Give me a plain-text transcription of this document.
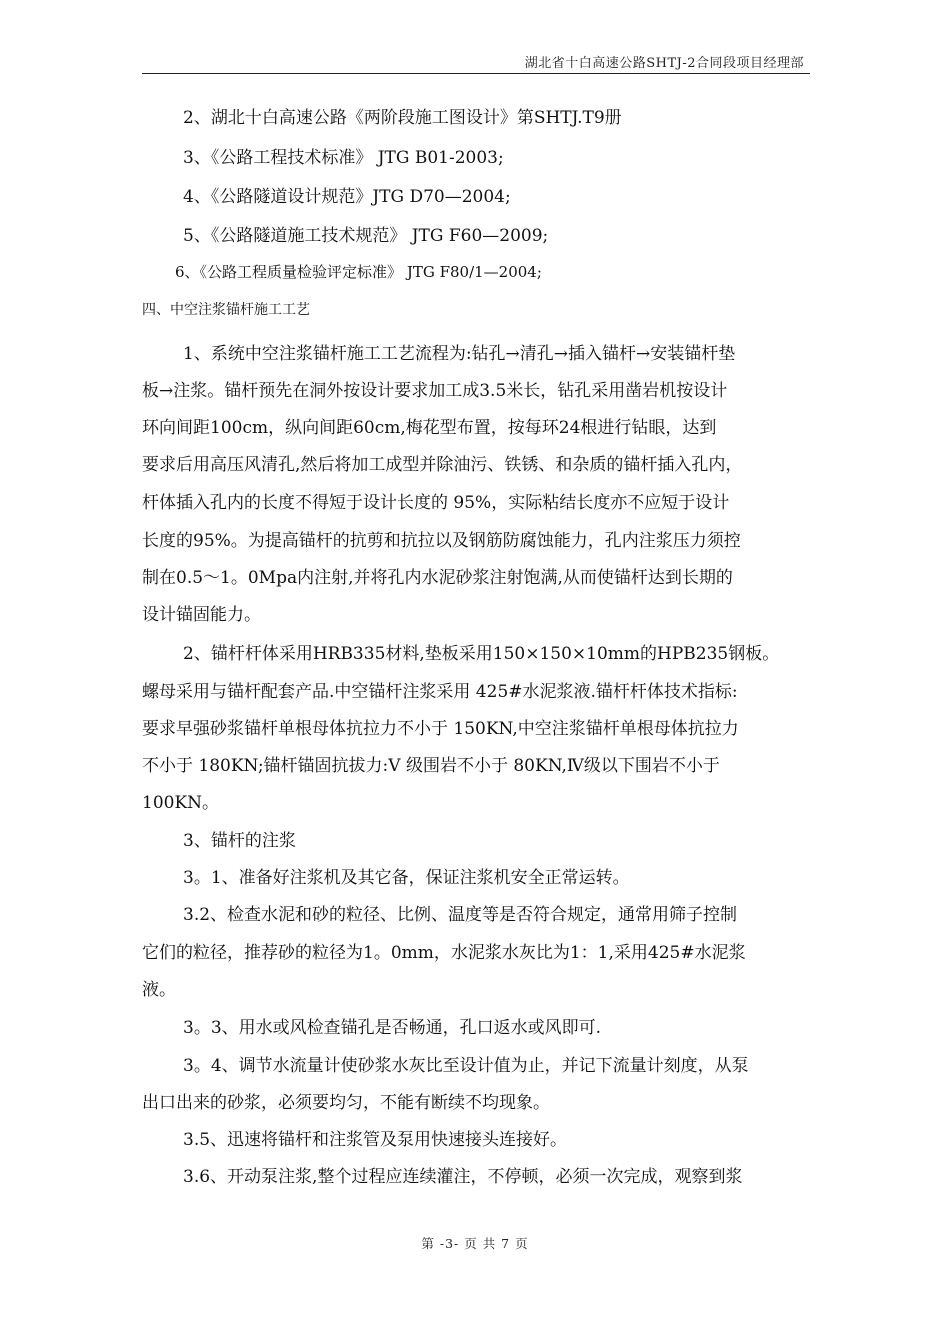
湖北省十白高速公路SHTJ-2合同段项目经理部
2、湖北十白高速公路《两阶段施工图设计》第SHTJ.T9册
3、《公路工程技术标准》 JTG B01-2003;
4、《公路隧道设计规范》JTG D70—2004;
5、《公路隧道施工技术规范》 JTG F60—2009;
6、《公路工程质量检验评定标准》 JTG F80/1—2004;
四、中空注浆锚杆施工工艺
1、系统中空注浆锚杆施工工艺流程为:钻孔→清孔→插入锚杆→安装锚杆垫
板→注浆。锚杆预先在洞外按设计要求加工成3.5米长，钻孔采用凿岩机按设计
环向间距100cm，纵向间距60cm,梅花型布置，按每环24根进行钻眼，达到
要求后用高压风清孔,然后将加工成型并除油污、铁锈、和杂质的锚杆插入孔内，
杆体插入孔内的长度不得短于设计长度的 95%，实际粘结长度亦不应短于设计
长度的95%。为提高锚杆的抗剪和抗拉以及钢筋防腐蚀能力，孔内注浆压力须控
制在0.5～1。0Mpa内注射,并将孔内水泥砂浆注射饱满,从而使锚杆达到长期的
设计锚固能力。
2、锚杆杆体采用HRB335材料,垫板采用150×150×10mm的HPB235钢板。
螺母采用与锚杆配套产品.中空锚杆注浆采用 425#水泥浆液.锚杆杆体技术指标:
要求早强砂浆锚杆单根母体抗拉力不小于 150KN,中空注浆锚杆单根母体抗拉力
不小于 180KN;锚杆锚固抗拔力:V 级围岩不小于 80KN,Ⅳ级以下围岩不小于
100KN。
3、锚杆的注浆
3。1、准备好注浆机及其它备，保证注浆机安全正常运转。
3.2、检查水泥和砂的粒径、比例、温度等是否符合规定，通常用筛子控制
它们的粒径，推荐砂的粒径为1。0mm，水泥浆水灰比为1：1,采用425#水泥浆
液。
3。3、用水或风检查锚孔是否畅通，孔口返水或风即可.
3。4、调节水流量计使砂浆水灰比至设计值为止，并记下流量计刻度，从泵
出口出来的砂浆，必须要均匀，不能有断续不均现象。
3.5、迅速将锚杆和注浆管及泵用快速接头连接好。
3.6、开动泵注浆,整个过程应连续灌注，不停顿，必须一次完成，观察到浆
第 -3- 页 共 7 页
